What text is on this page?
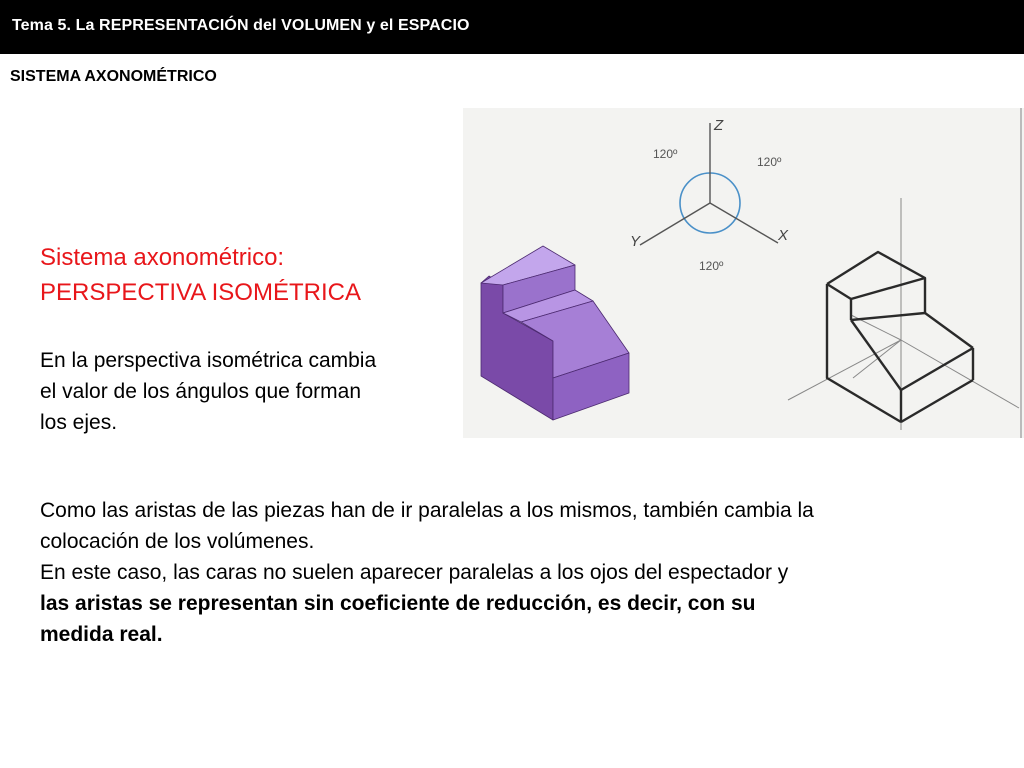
Tema 5. La REPRESENTACIÓN del VOLUMEN y el ESPACIO
SISTEMA AXONOMÉTRICO
Sistema axonométrico:
PERSPECTIVA ISOMÉTRICA
En la perspectiva isométrica cambia
el valor de los ángulos que forman
los ejes.
Como las aristas de las piezas han de ir paralelas a los mismos, también cambia la
colocación de los volúmenes.
En este caso, las caras no suelen aparecer paralelas a los ojos del espectador y
las aristas se representan sin coeficiente de reducción, es decir, con su
medida real.
Z
Y	X
120º
120º
120º
